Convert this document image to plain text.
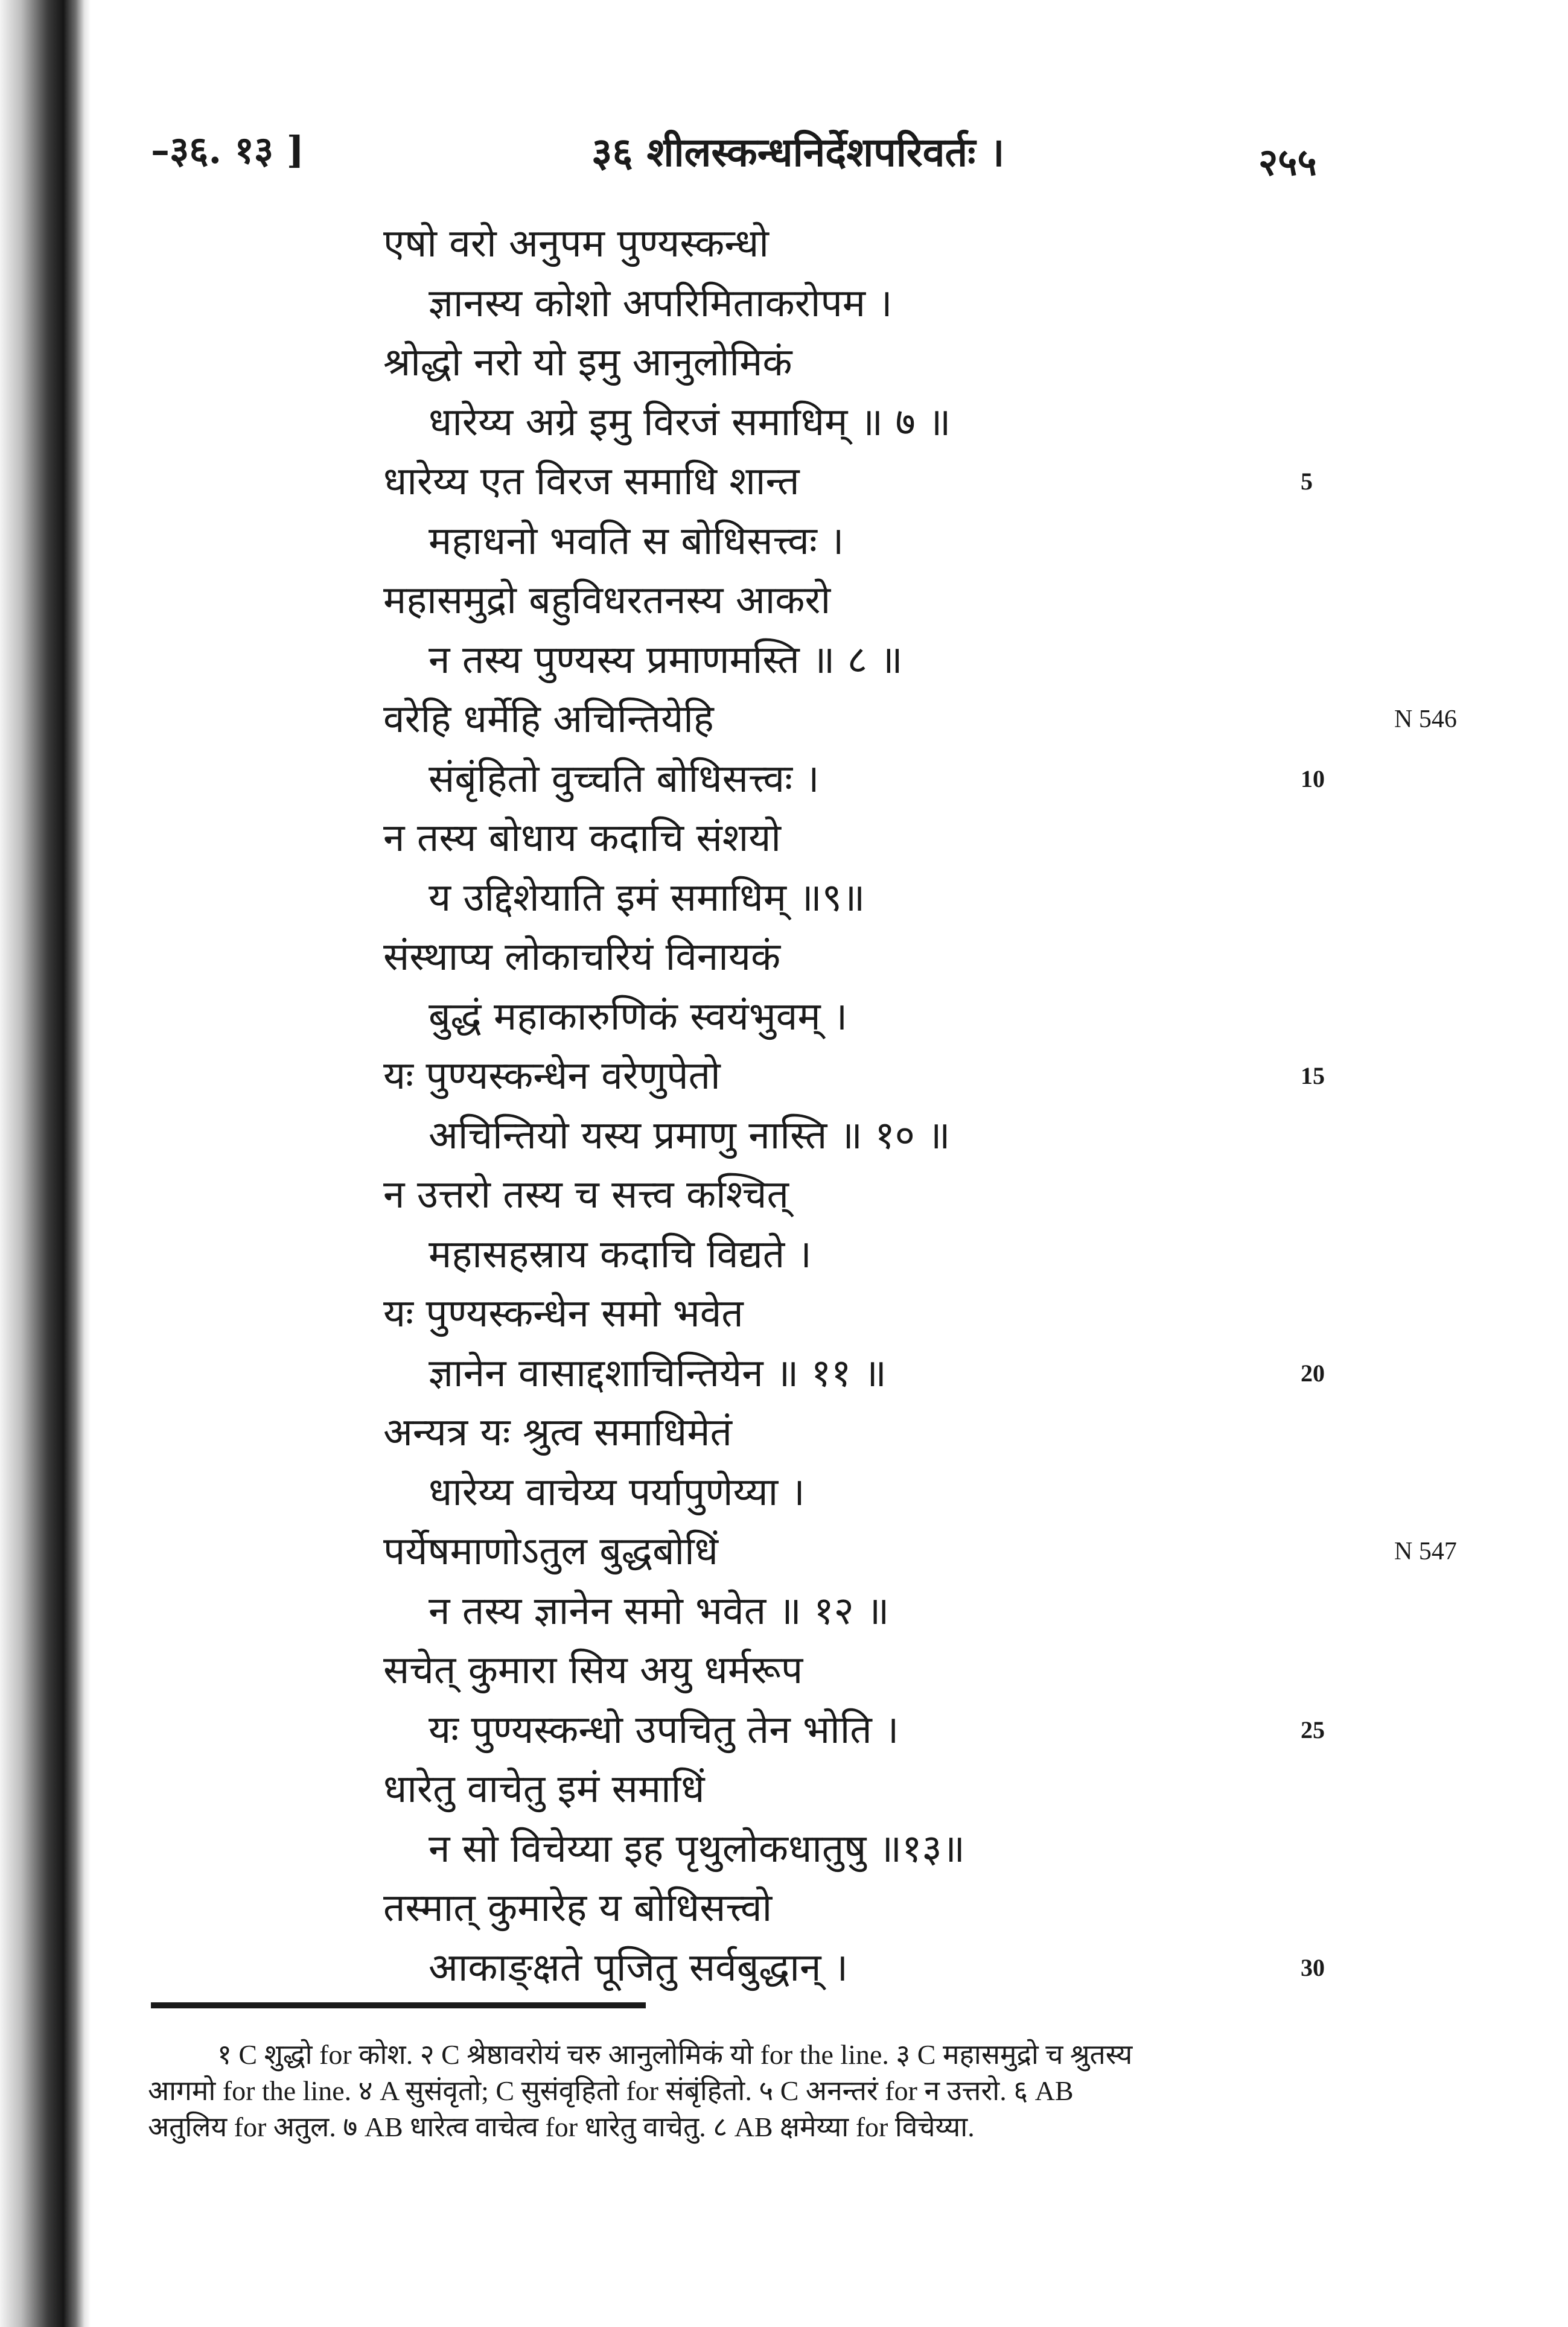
–३६. १३ ]	३६ शीलस्कन्धनिर्देशपरिवर्तः ।	२५५
एषो वरो अनुपम पुण्यस्कन्धो
ज्ञानस्य कोशो अपरिमिताकरोपम ।
श्रोद्धो नरो यो इमु आनुलोमिकं
धारेय्य अग्रे इमु विरजं समाधिम् ॥ ७ ॥
धारेय्य एत विरज समाधि शान्त	5
महाधनो भवति स बोधिसत्त्वः ।
महासमुद्रो बहुविधरतनस्य आकरो
न तस्य पुण्यस्य प्रमाणमस्ति ॥ ८ ॥
वरेहि धर्मेहि अचिन्तियेहि	N 546
संबृंहितो वुच्चति बोधिसत्त्वः ।	10
न तस्य बोधाय कदाचि संशयो
य उद्दिशेयाति इमं समाधिम् ॥९॥
संस्थाप्य लोकाचरियं विनायकं
बुद्धं महाकारुणिकं स्वयंभुवम् ।
यः पुण्यस्कन्धेन वरेणुपेतो	15
अचिन्तियो यस्य प्रमाणु नास्ति ॥ १० ॥
न उत्तरो तस्य च सत्त्व कश्चित्
महासहस्राय कदाचि विद्यते ।
यः पुण्यस्कन्धेन समो भवेत
ज्ञानेन वासाद्दशाचिन्तियेन ॥ ११ ॥	20
अन्यत्र यः श्रुत्व समाधिमेतं
धारेय्य वाचेय्य पर्यापुणेय्या ।
पर्येषमाणोऽतुल बुद्धबोधिं	N 547
न तस्य ज्ञानेन समो भवेत ॥ १२ ॥
सचेत् कुमारा सिय अयु धर्मरूप
यः पुण्यस्कन्धो उपचितु तेन भोति ।	25
धारेतु वाचेतु इमं समाधिं
न सो विचेय्या इह पृथुलोकधातुषु ॥१३॥
तस्मात् कुमारेह य बोधिसत्त्वो
आकाङ्क्षते पूजितु सर्वबुद्धान् ।	30
१ C शुद्धो for कोश. २ C श्रेष्ठावरोयं चरु आनुलोमिकं यो for the line. ३ C महासमुद्रो च श्रुतस्य
आगमो for the line. ४ A सुसंवृतो; C सुसंवृहितो for संबृंहितो. ५ C अनन्तरं for न उत्तरो. ६ AB
अतुलिय for अतुल. ७ AB धारेत्व वाचेत्व for धारेतु वाचेतु. ८ AB क्षमेय्या for विचेय्या.
